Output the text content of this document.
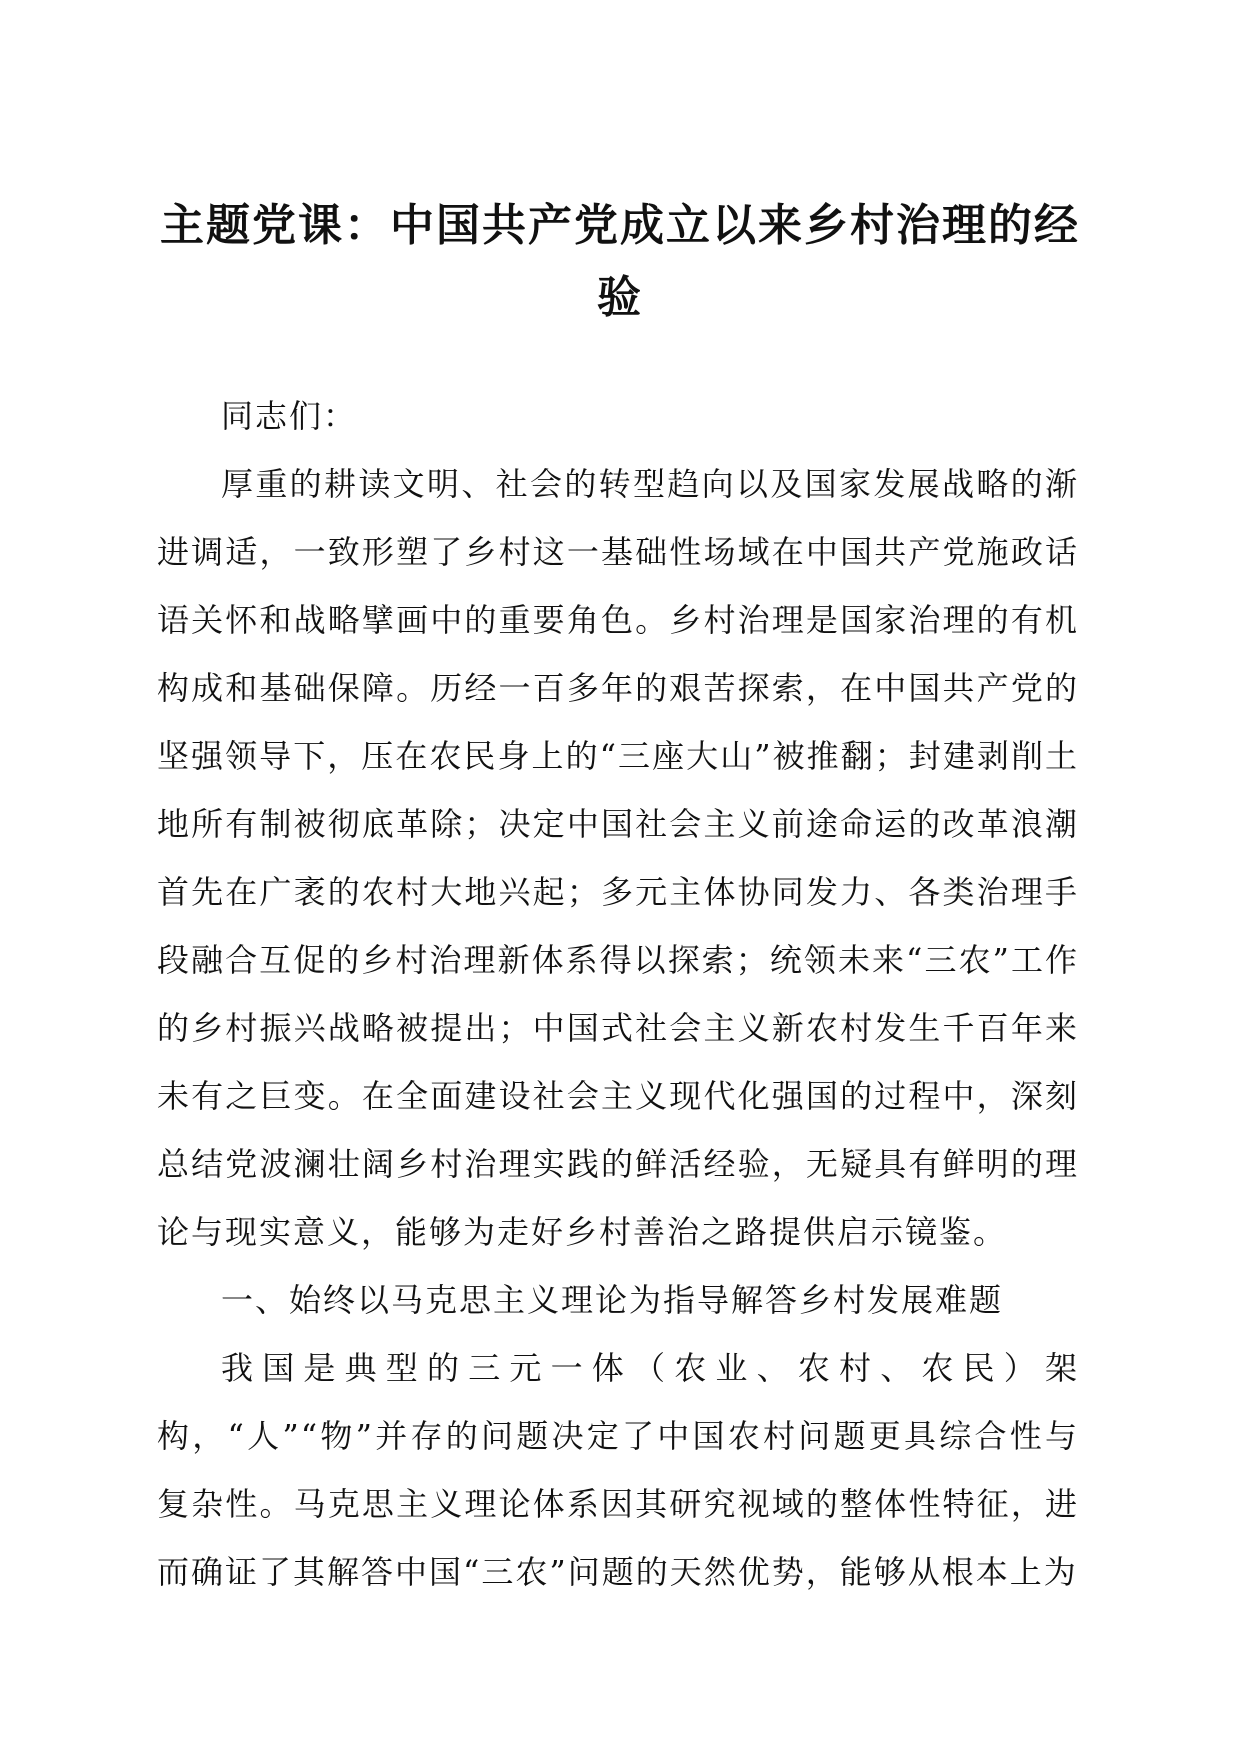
主题党课：中国共产党成立以来乡村治理的经验

同志们：

厚重的耕读文明、社会的转型趋向以及国家发展战略的渐进调适，一致形塑了乡村这一基础性场域在中国共产党施政话语关怀和战略擘画中的重要角色。乡村治理是国家治理的有机构成和基础保障。历经一百多年的艰苦探索，在中国共产党的坚强领导下，压在农民身上的“三座大山”被推翻；封建剥削土地所有制被彻底革除；决定中国社会主义前途命运的改革浪潮首先在广袤的农村大地兴起；多元主体协同发力、各类治理手段融合互促的乡村治理新体系得以探索；统领未来“三农”工作的乡村振兴战略被提出；中国式社会主义新农村发生千百年来未有之巨变。在全面建设社会主义现代化强国的过程中，深刻总结党波澜壮阔乡村治理实践的鲜活经验，无疑具有鲜明的理论与现实意义，能够为走好乡村善治之路提供启示镜鉴。

一、始终以马克思主义理论为指导解答乡村发展难题

我国是典型的三元一体（农业、农村、农民）架构，“人”“物”并存的问题决定了中国农村问题更具综合性与复杂性。马克思主义理论体系因其研究视域的整体性特征，进而确证了其解答中国“三农”问题的天然优势，能够从根本上为
